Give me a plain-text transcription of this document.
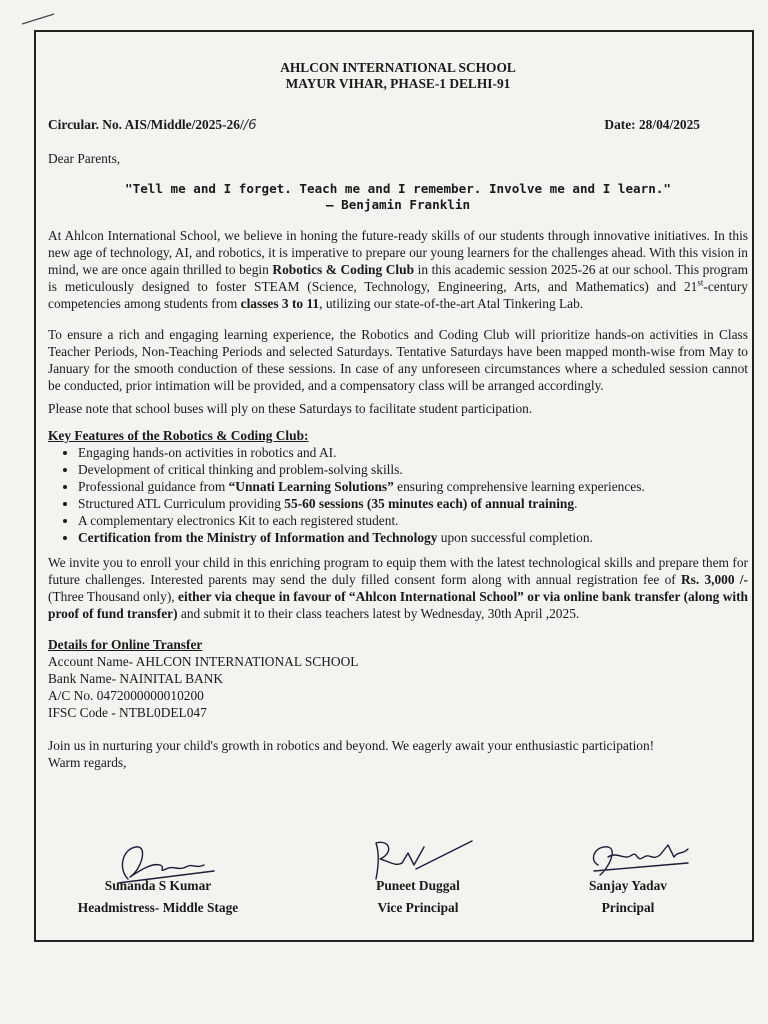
AHLCON INTERNATIONAL SCHOOL
MAYUR VIHAR, PHASE-1 DELHI-91
Circular. No. AIS/Middle/2025-26//6	Date: 28/04/2025
Dear Parents,
"Tell me and I forget. Teach me and I remember. Involve me and I learn."
— Benjamin Franklin

At Ahlcon International School, we believe in honing the future-ready skills of our students through innovative initiatives. In this new age of technology, AI, and robotics, it is imperative to prepare our young learners for the challenges ahead. With this vision in mind, we are once again thrilled to begin Robotics & Coding Club in this academic session 2025-26 at our school. This program is meticulously designed to foster STEAM (Science, Technology, Engineering, Arts, and Mathematics) and 21st-century competencies among students from classes 3 to 11, utilizing our state-of-the-art Atal Tinkering Lab.

To ensure a rich and engaging learning experience, the Robotics and Coding Club will prioritize hands-on activities in Class Teacher Periods, Non-Teaching Periods and selected Saturdays. Tentative Saturdays have been mapped month-wise from May to January for the smooth conduction of these sessions. In case of any unforeseen circumstances where a scheduled session cannot be conducted, prior intimation will be provided, and a compensatory class will be arranged accordingly.

Please note that school buses will ply on these Saturdays to facilitate student participation.

Key Features of the Robotics & Coding Club:
• Engaging hands-on activities in robotics and AI.
• Development of critical thinking and problem-solving skills.
• Professional guidance from “Unnati Learning Solutions” ensuring comprehensive learning experiences.
• Structured ATL Curriculum providing 55-60 sessions (35 minutes each) of annual training.
• A complementary electronics Kit to each registered student.
• Certification from the Ministry of Information and Technology upon successful completion.

We invite you to enroll your child in this enriching program to equip them with the latest technological skills and prepare them for future challenges. Interested parents may send the duly filled consent form along with annual registration fee of Rs. 3,000 /- (Three Thousand only), either via cheque in favour of “Ahlcon International School” or via online bank transfer (along with proof of fund transfer) and submit it to their class teachers latest by Wednesday, 30th April ,2025.

Details for Online Transfer
Account Name- AHLCON INTERNATIONAL SCHOOL
Bank Name- NAINITAL BANK
A/C No. 0472000000010200
IFSC Code - NTBL0DEL047
Join us in nurturing your child's growth in robotics and beyond. We eagerly await your enthusiastic participation!
Warm regards,
Sunanda S Kumar
Headmistress- Middle Stage
Puneet Duggal
Vice Principal
Sanjay Yadav
Principal
